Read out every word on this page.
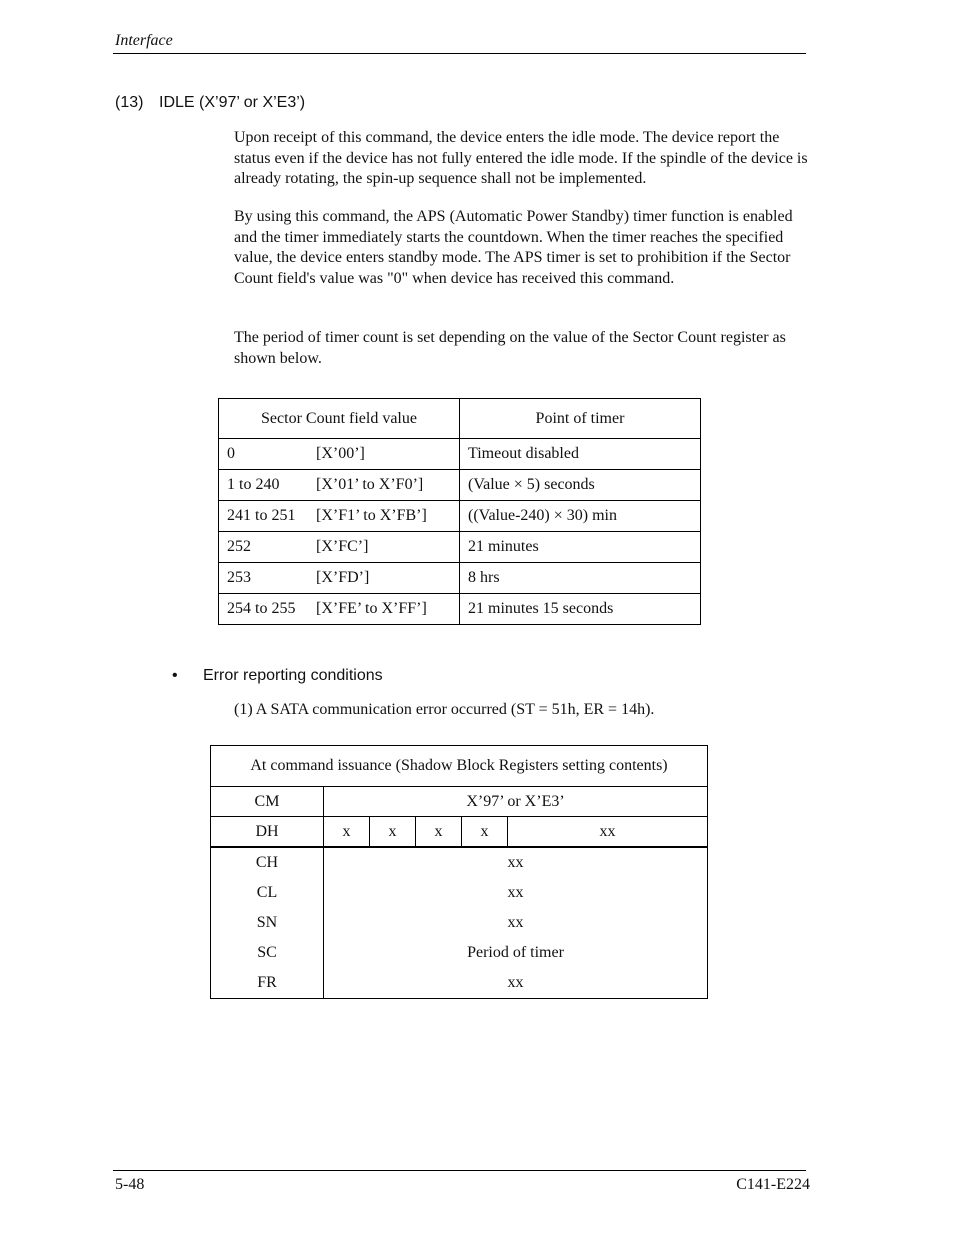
Interface
(13) IDLE (X’97’ or X’E3’)

Upon receipt of this command, the device enters the idle mode. The device report the status even if the device has not fully entered the idle mode. If the spindle of the device is already rotating, the spin-up sequence shall not be implemented.

By using this command, the APS (Automatic Power Standby) timer function is enabled and the timer immediately starts the countdown. When the timer reaches the specified value, the device enters standby mode. The APS timer is set to prohibition if the Sector Count field's value was "0" when device has received this command.

The period of timer count is set depending on the value of the Sector Count register as shown below.

Sector Count field value	Point of timer
0 [X’00’]	Timeout disabled
1 to 240 [X’01’ to X’F0’]	(Value × 5) seconds
241 to 251 [X’F1’ to X’FB’]	((Value-240) × 30) min
252 [X’FC’]	21 minutes
253 [X’FD’]	8 hrs
254 to 255 [X’FE’ to X’FF’]	21 minutes 15 seconds
• Error reporting conditions
(1) A SATA communication error occurred (ST = 51h, ER = 14h).
At command issuance (Shadow Block Registers setting contents)					
CM	X’97’ or X’E3’				
DH	x	x	x	x	xx
CH	xx				
CL	xx				
SN	xx				
SC	Period of timer				
FR	xx				
5-48	C141-E224
